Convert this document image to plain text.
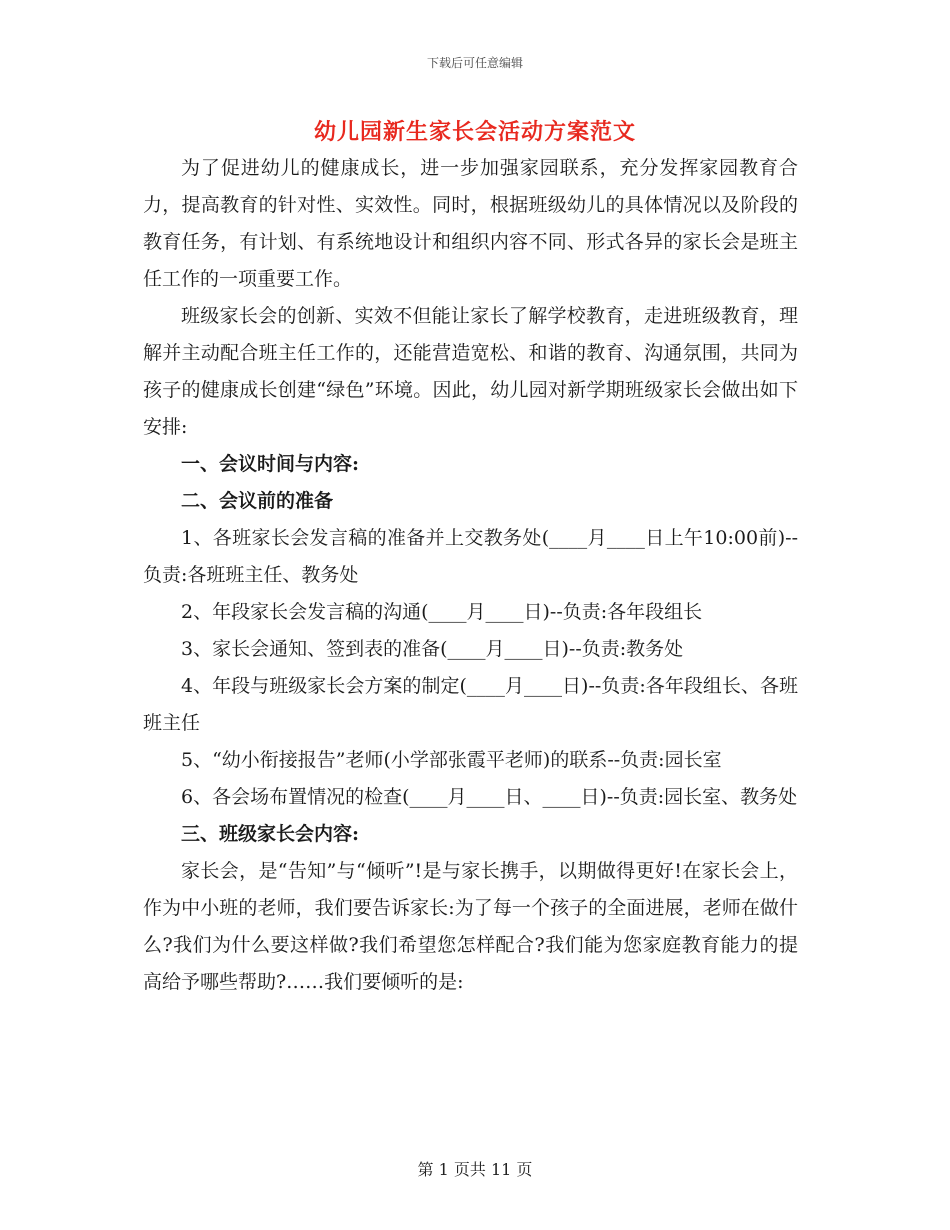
下载后可任意编辑
幼儿园新生家长会活动方案范文

为了促进幼儿的健康成长，进一步加强家园联系，充分发挥家园教育合力，提高教育的针对性、实效性。同时，根据班级幼儿的具体情况以及阶段的教育任务，有计划、有系统地设计和组织内容不同、形式各异的家长会是班主任工作的一项重要工作。

班级家长会的创新、实效不但能让家长了解学校教育，走进班级教育，理解并主动配合班主任工作的，还能营造宽松、和谐的教育、沟通氛围，共同为孩子的健康成长创建“绿色”环境。因此，幼儿园对新学期班级家长会做出如下安排:

一、会议时间与内容:

二、会议前的准备

1、各班家长会发言稿的准备并上交教务处(____月____日上午10:00前)--负责:各班班主任、教务处

2、年段家长会发言稿的沟通(____月____日)--负责:各年段组长

3、家长会通知、签到表的准备(____月____日)--负责:教务处

4、年段与班级家长会方案的制定(____月____日)--负责:各年段组长、各班班主任

5、“幼小衔接报告”老师(小学部张霞平老师)的联系--负责:园长室

6、各会场布置情况的检查(____月____日、____日)--负责:园长室、教务处

三、班级家长会内容:

家长会，是“告知”与“倾听”!是与家长携手，以期做得更好!在家长会上，作为中小班的老师，我们要告诉家长:为了每一个孩子的全面进展，老师在做什么?我们为什么要这样做?我们希望您怎样配合?我们能为您家庭教育能力的提高给予哪些帮助?……我们要倾听的是:

第 1 页共 11 页
